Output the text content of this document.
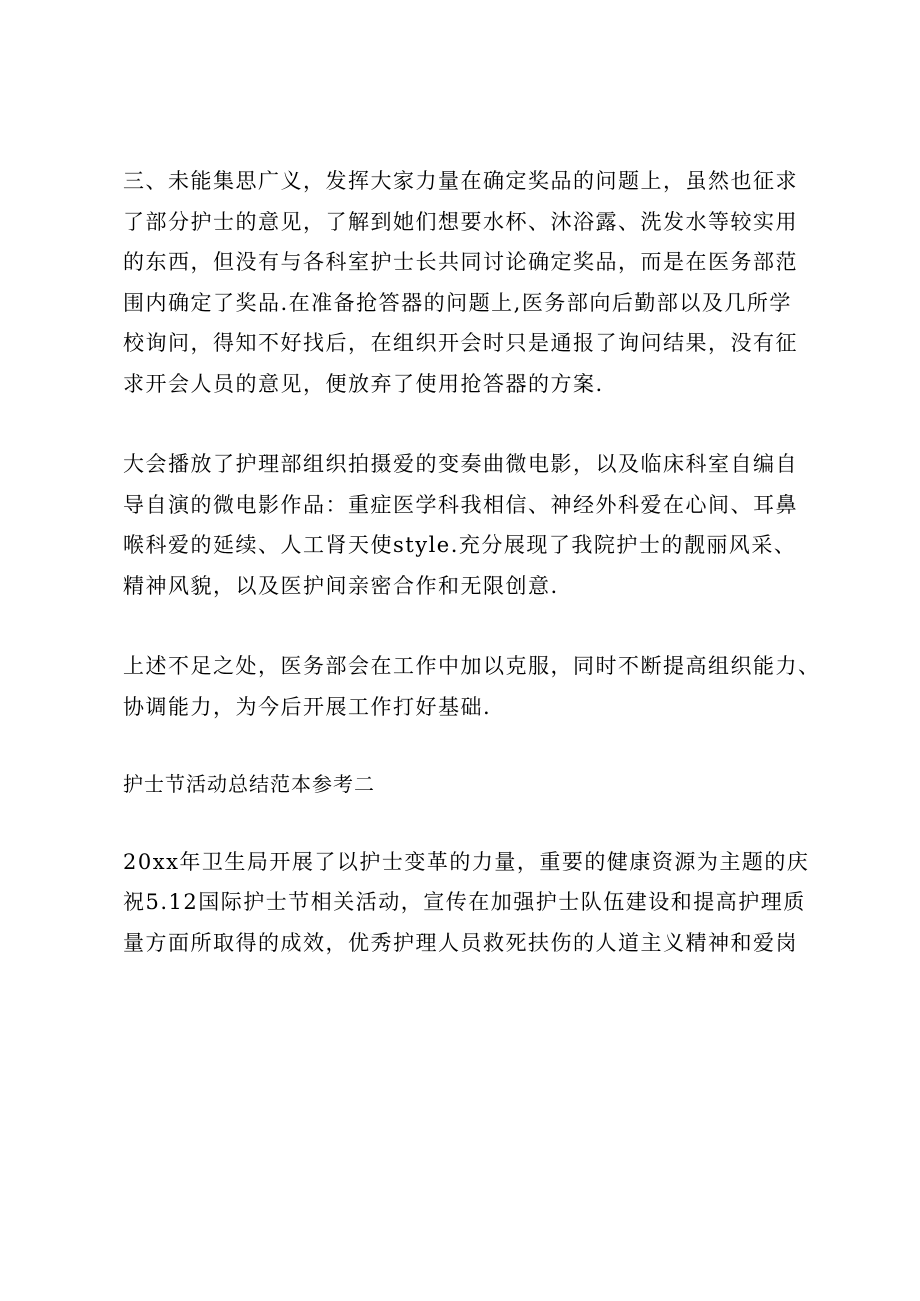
三、未能集思广义，发挥大家力量在确定奖品的问题上，虽然也征求
了部分护士的意见，了解到她们想要水杯、沐浴露、洗发水等较实用
的东西，但没有与各科室护士长共同讨论确定奖品，而是在医务部范
围内确定了奖品.在准备抢答器的问题上,医务部向后勤部以及几所学
校询问，得知不好找后，在组织开会时只是通报了询问结果，没有征
求开会人员的意见，便放弃了使用抢答器的方案.

大会播放了护理部组织拍摄爱的变奏曲微电影，以及临床科室自编自
导自演的微电影作品：重症医学科我相信、神经外科爱在心间、耳鼻
喉科爱的延续、人工肾天使style.充分展现了我院护士的靓丽风采、
精神风貌，以及医护间亲密合作和无限创意.

上述不足之处，医务部会在工作中加以克服，同时不断提高组织能力、
协调能力，为今后开展工作打好基础.

护士节活动总结范本参考二

20xx年卫生局开展了以护士变革的力量，重要的健康资源为主题的庆
祝5.12国际护士节相关活动，宣传在加强护士队伍建设和提高护理质
量方面所取得的成效，优秀护理人员救死扶伤的人道主义精神和爱岗
